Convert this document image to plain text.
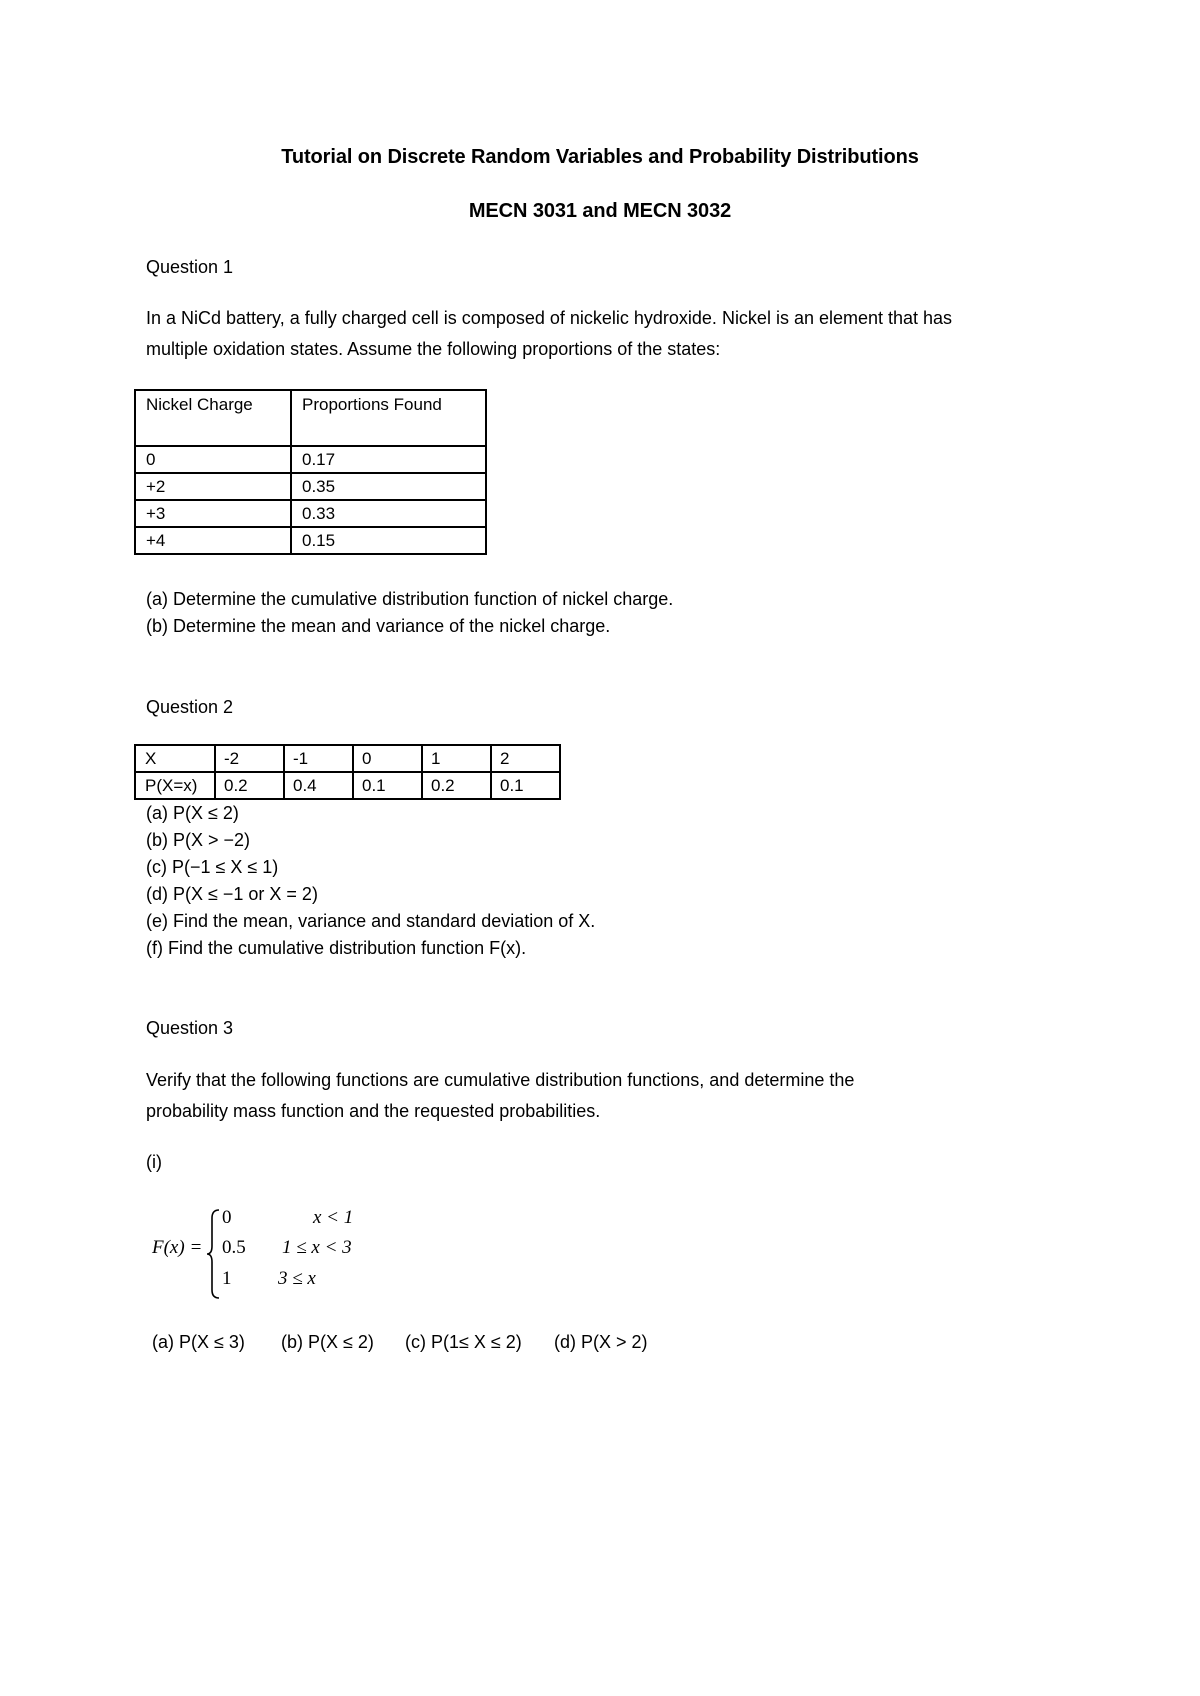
Tutorial on Discrete Random Variables and Probability Distributions
MECN 3031 and MECN 3032
Question 1
In a NiCd battery, a fully charged cell is composed of nickelic hydroxide. Nickel is an element that has
multiple oxidation states. Assume the following proportions of the states:
Nickel Charge	Proportions Found
0	0.17
+2	0.35
+3	0.33
+4	0.15
(a) Determine the cumulative distribution function of nickel charge.
(b) Determine the mean and variance of the nickel charge.
Question 2
X	-2	-1	0	1	2
P(X=x)	0.2	0.4	0.1	0.2	0.1
(a) P(X ≤ 2)
(b) P(X > −2)
(c) P(−1 ≤ X ≤ 1)
(d) P(X ≤ −1 or X = 2)
(e) Find the mean, variance and standard deviation of X.
(f) Find the cumulative distribution function F(x).
Question 3
Verify that the following functions are cumulative distribution functions, and determine the
probability mass function and the requested probabilities.
(i)
F(x) =
0	x < 1
0.5 1 ≤ x < 3
1 3 ≤ x
(a) P(X ≤ 3) (b) P(X ≤ 2) (c) P(1≤ X ≤ 2) (d) P(X > 2)
